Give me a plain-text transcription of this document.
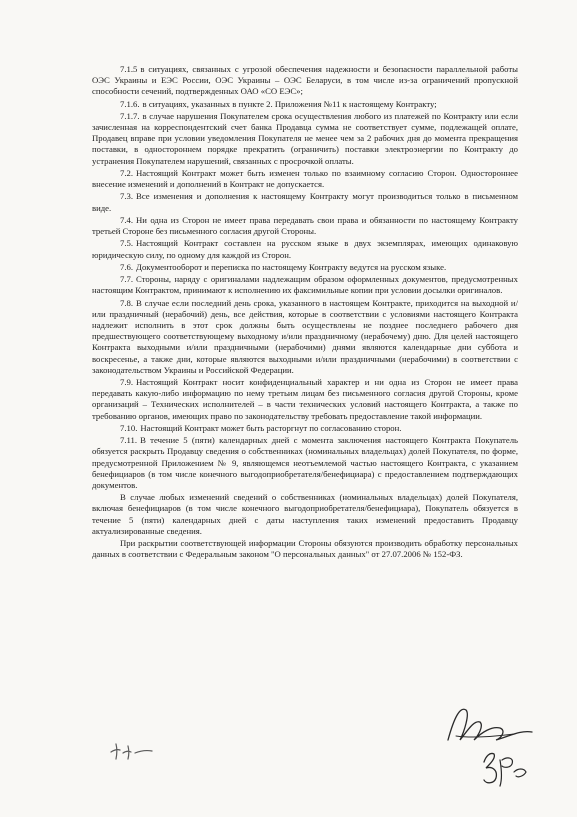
7.1.5 в ситуациях, связанных с угрозой обеспечения надежности и безопасности параллельной работы ОЭС Украины и ЕЭС России, ОЭС Украины – ОЭС Беларуси, в том числе из-за ограничений пропускной способности сечений, подтвержденных ОАО «СО ЕЭС»;

7.1.6. в ситуациях, указанных в пункте 2. Приложения №11 к настоящему Контракту;

7.1.7. в случае нарушения Покупателем срока осуществления любого из платежей по Контракту или если зачисленная на корреспондентский счет банка Продавца сумма не соответствует сумме, подлежащей оплате, Продавец вправе при условии уведомления Покупателя не менее чем за 2 рабочих дня до момента прекращения поставки, в одностороннем порядке прекратить (ограничить) поставки электроэнергии по Контракту до устранения Покупателем нарушений, связанных с просрочкой оплаты.

7.2. Настоящий Контракт может быть изменен только по взаимному согласию Сторон. Одностороннее внесение изменений и дополнений в Контракт не допускается.

7.3. Все изменения и дополнения к настоящему Контракту могут производиться только в письменном виде.

7.4. Ни одна из Сторон не имеет права передавать свои права и обязанности по настоящему Контракту третьей Стороне без письменного согласия другой Стороны.

7.5. Настоящий Контракт составлен на русском языке в двух экземплярах, имеющих одинаковую юридическую силу, по одному для каждой из Сторон.

7.6. Документооборот и переписка по настоящему Контракту ведутся на русском языке.

7.7. Стороны, наряду с оригиналами надлежащим образом оформленных документов, предусмотренных настоящим Контрактом, принимают к исполнению их факсимильные копии при условии досылки оригиналов.

7.8. В случае если последний день срока, указанного в настоящем Контракте, приходится на выходной и/или праздничный (нерабочий) день, все действия, которые в соответствии с условиями настоящего Контракта надлежит исполнить в этот срок должны быть осуществлены не позднее последнего рабочего дня предшествующего соответствующему выходному и/или праздничному (нерабочему) дню. Для целей настоящего Контракта выходными и/или праздничными (нерабочими) днями являются календарные дни суббота и воскресенье, а также дни, которые являются выходными и/или праздничными (нерабочими) в соответствии с законодательством Украины и Российской Федерации.

7.9. Настоящий Контракт носит конфиденциальный характер и ни одна из Сторон не имеет права передавать какую-либо информацию по нему третьим лицам без письменного согласия другой Стороны, кроме организаций – Технических исполнителей – в части технических условий настоящего Контракта, а также по требованию органов, имеющих право по законодательству требовать предоставление такой информации.

7.10. Настоящий Контракт может быть расторгнут по согласованию сторон.

7.11. В течение 5 (пяти) календарных дней с момента заключения настоящего Контракта Покупатель обязуется раскрыть Продавцу сведения о собственниках (номинальных владельцах) долей Покупателя, по форме, предусмотренной Приложением № 9, являющемся неотъемлемой частью настоящего Контракта, с указанием бенефициаров (в том числе конечного выгодоприобретателя/бенефициара) с предоставлением подтверждающих документов.

В случае любых изменений сведений о собственниках (номинальных владельцах) долей Покупателя, включая бенефициаров (в том числе конечного выгодоприобретателя/бенефициара), Покупатель обязуется в течение 5 (пяти) календарных дней с даты наступления таких изменений предоставить Продавцу актуализированные сведения.

При раскрытии соответствующей информации Стороны обязуются производить обработку персональных данных в соответствии с Федеральным законом "О персональных данных" от 27.07.2006 № 152-ФЗ.
